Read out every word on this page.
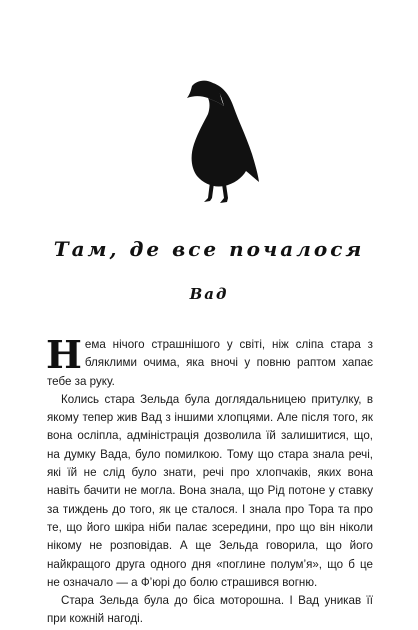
Там, де все почалося
Вад

Нема нічого страшнішого у світі, ніж сліпа стара з бляклими очима, яка вночі у повню раптом хапає тебе за руку.

Колись стара Зельда була доглядальницею притулку, в якому тепер жив Вад з іншими хлопцями. Але після того, як вона осліпла, адміністрація дозволила їй залишитися, що, на думку Вада, було помилкою. Тому що стара знала речі, які їй не слід було знати, речі про хлопчаків, яких вона навіть бачити не могла. Вона знала, що Рід потоне у ставку за тиждень до того, як це сталося. І знала про Тора та про те, що його шкіра ніби палає зсередини, про що він ніколи нікому не розповідав. А ще Зельда говорила, що його найкращого друга одного дня «поглине полум’я», що б це не означало — а Ф’юрі до болю страшився вогню.

Стара Зельда була до біса моторошна. І Вад уникав її при кожній нагоді.
